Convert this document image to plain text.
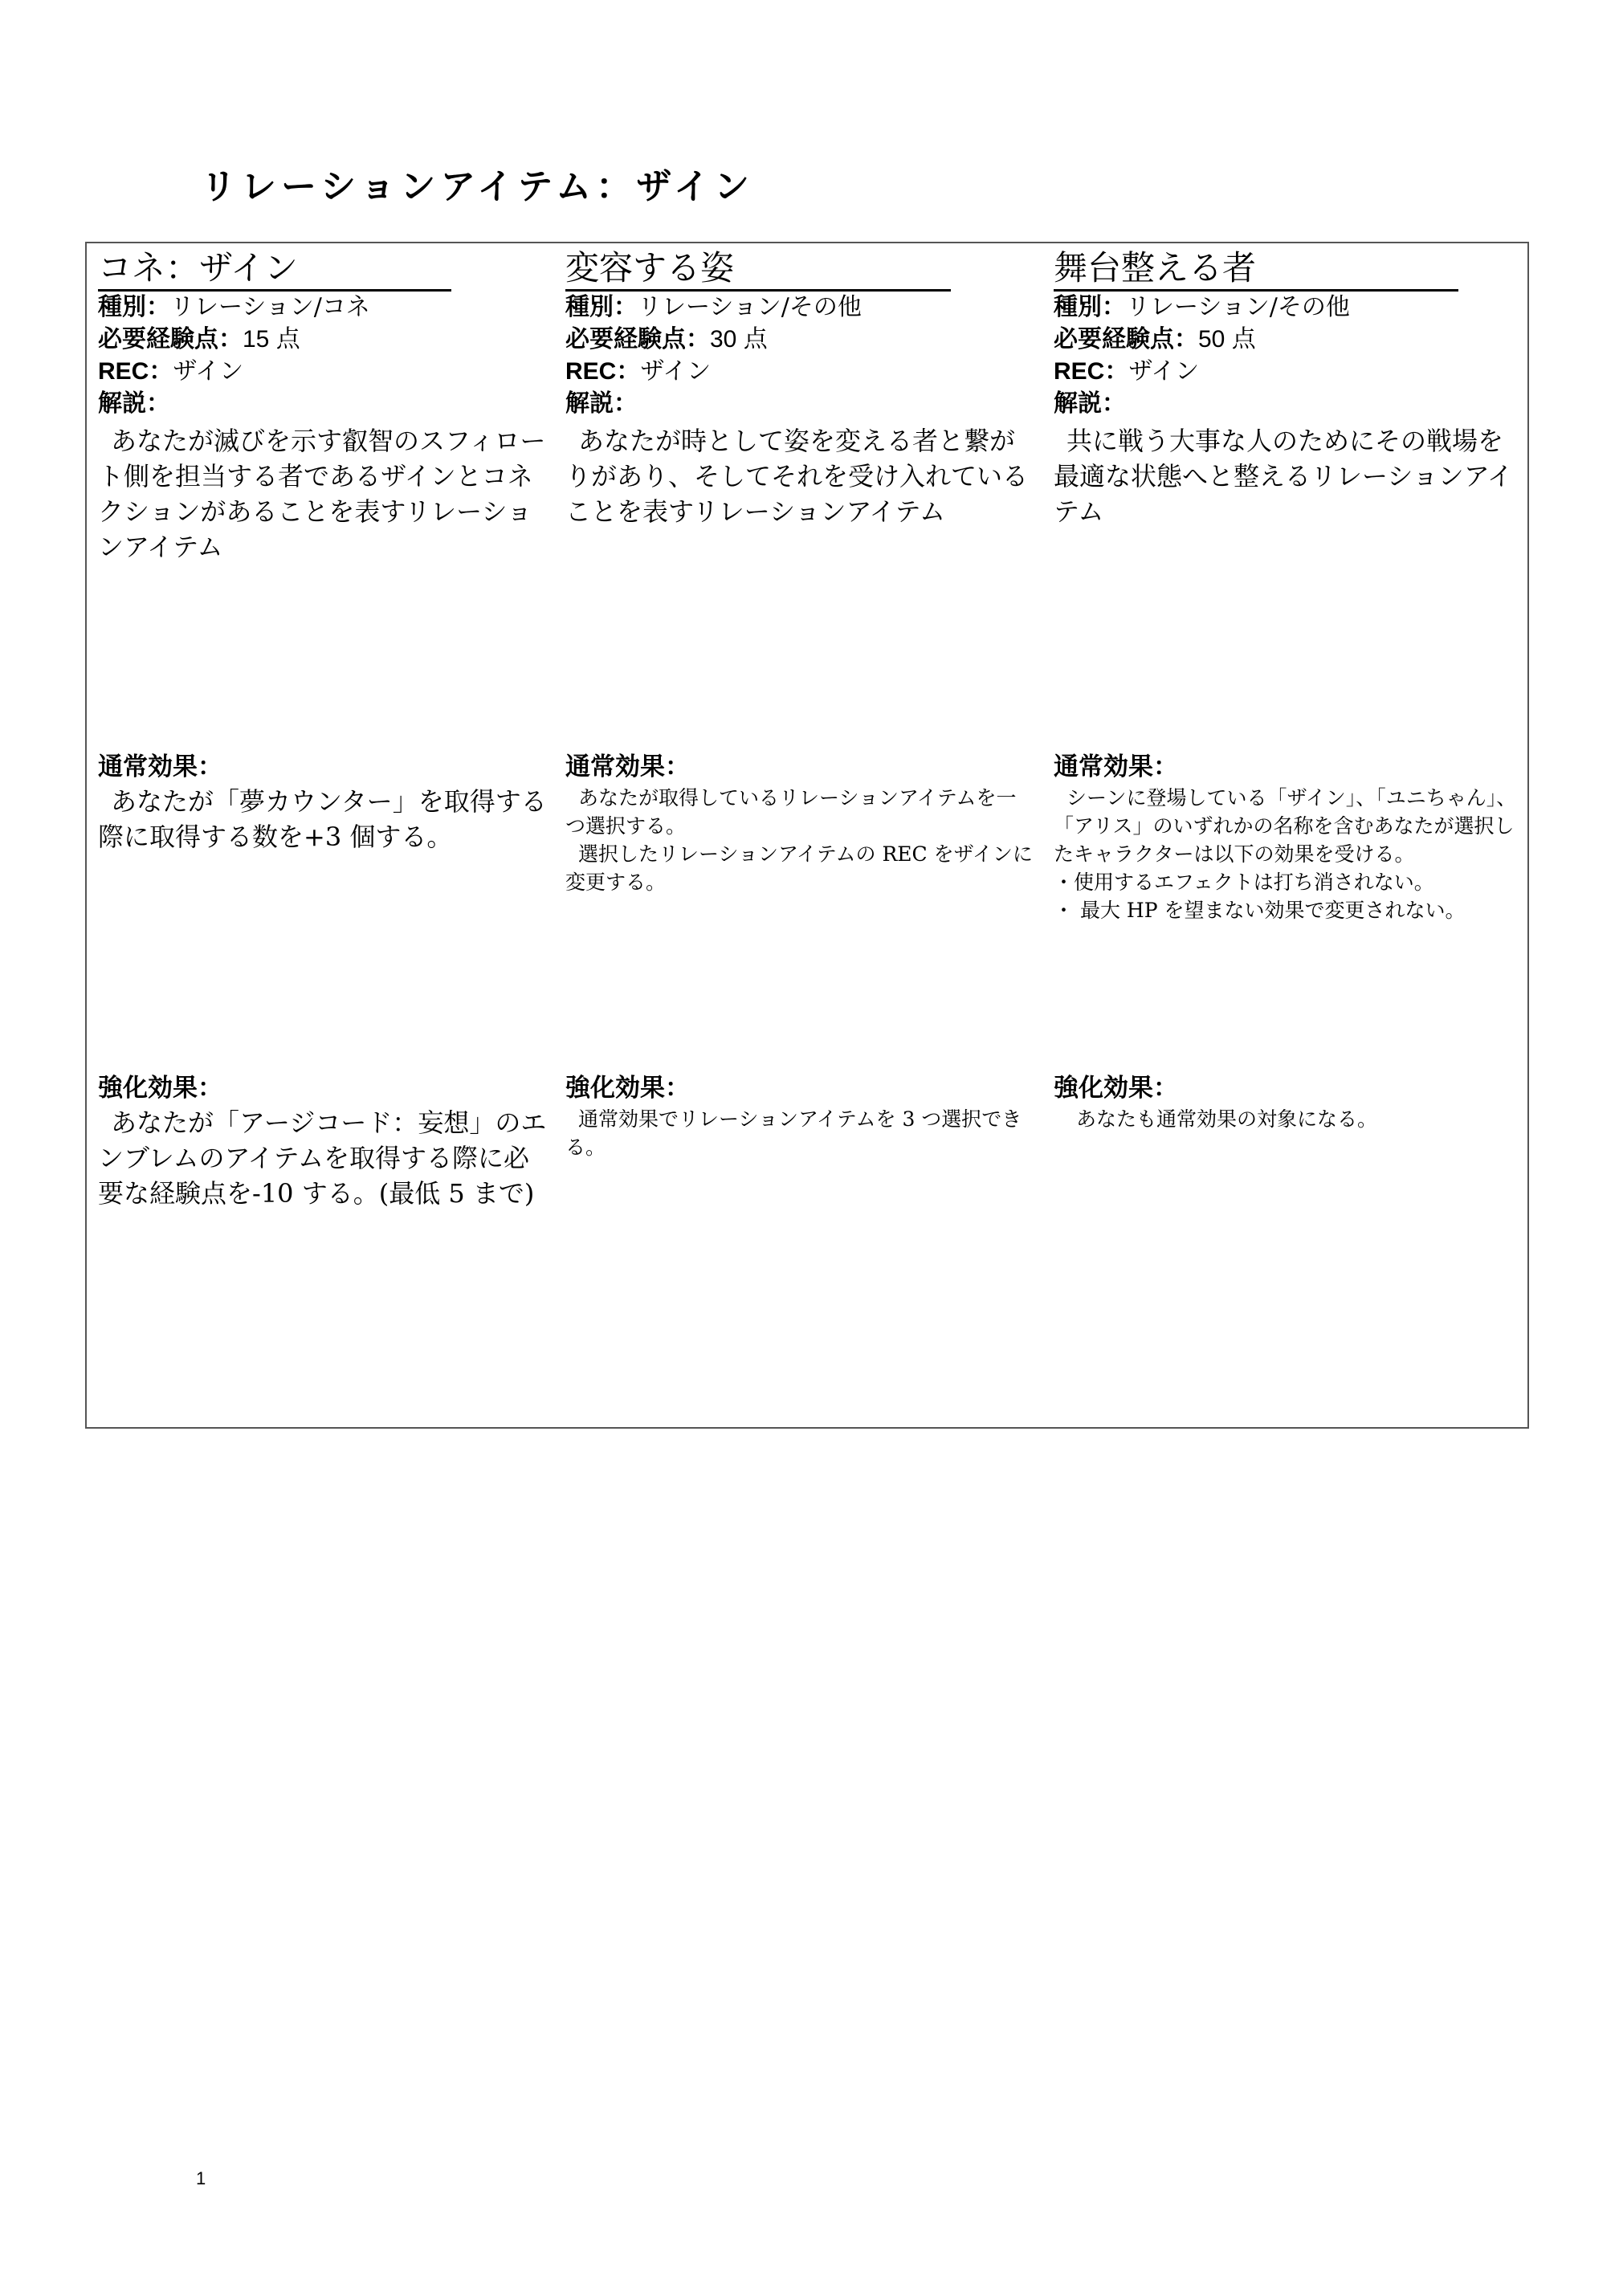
リレーションアイテム：ザイン
コネ：ザイン
種別：リレーション/コネ
必要経験点：15 点
REC：ザイン
解説：

あなたが滅びを示す叡智のスフィロート側を担当する者であるザインとコネクションがあることを表すリレーションアイテム

通常効果：

あなたが「夢カウンター」を取得する際に取得する数を+3 個する。

強化効果：

あなたが「アージコード：妄想」のエンブレムのアイテムを取得する際に必要な経験点を-10 する。(最低 5 まで)

変容する姿
種別：リレーション/その他
必要経験点：30 点
REC：ザイン
解説：

あなたが時として姿を変える者と繋がりがあり、そしてそれを受け入れていることを表すリレーションアイテム

通常効果：

あなたが取得しているリレーションアイテムを一つ選択する。

選択したリレーションアイテムの REC をザインに変更する。

強化効果：

通常効果でリレーションアイテムを 3 つ選択できる。

舞台整える者
種別：リレーション/その他
必要経験点：50 点
REC：ザイン
解説：

共に戦う大事な人のためにその戦場を最適な状態へと整えるリレーションアイテム

通常効果：

シーンに登場している「ザイン」、「ユニちゃん」、「アリス」のいずれかの名称を含むあなたが選択したキャラクターは以下の効果を受ける。

・使用するエフェクトは打ち消されない。

・ 最大 HP を望まない効果で変更されない。

強化効果：

あなたも通常効果の対象になる。

1
